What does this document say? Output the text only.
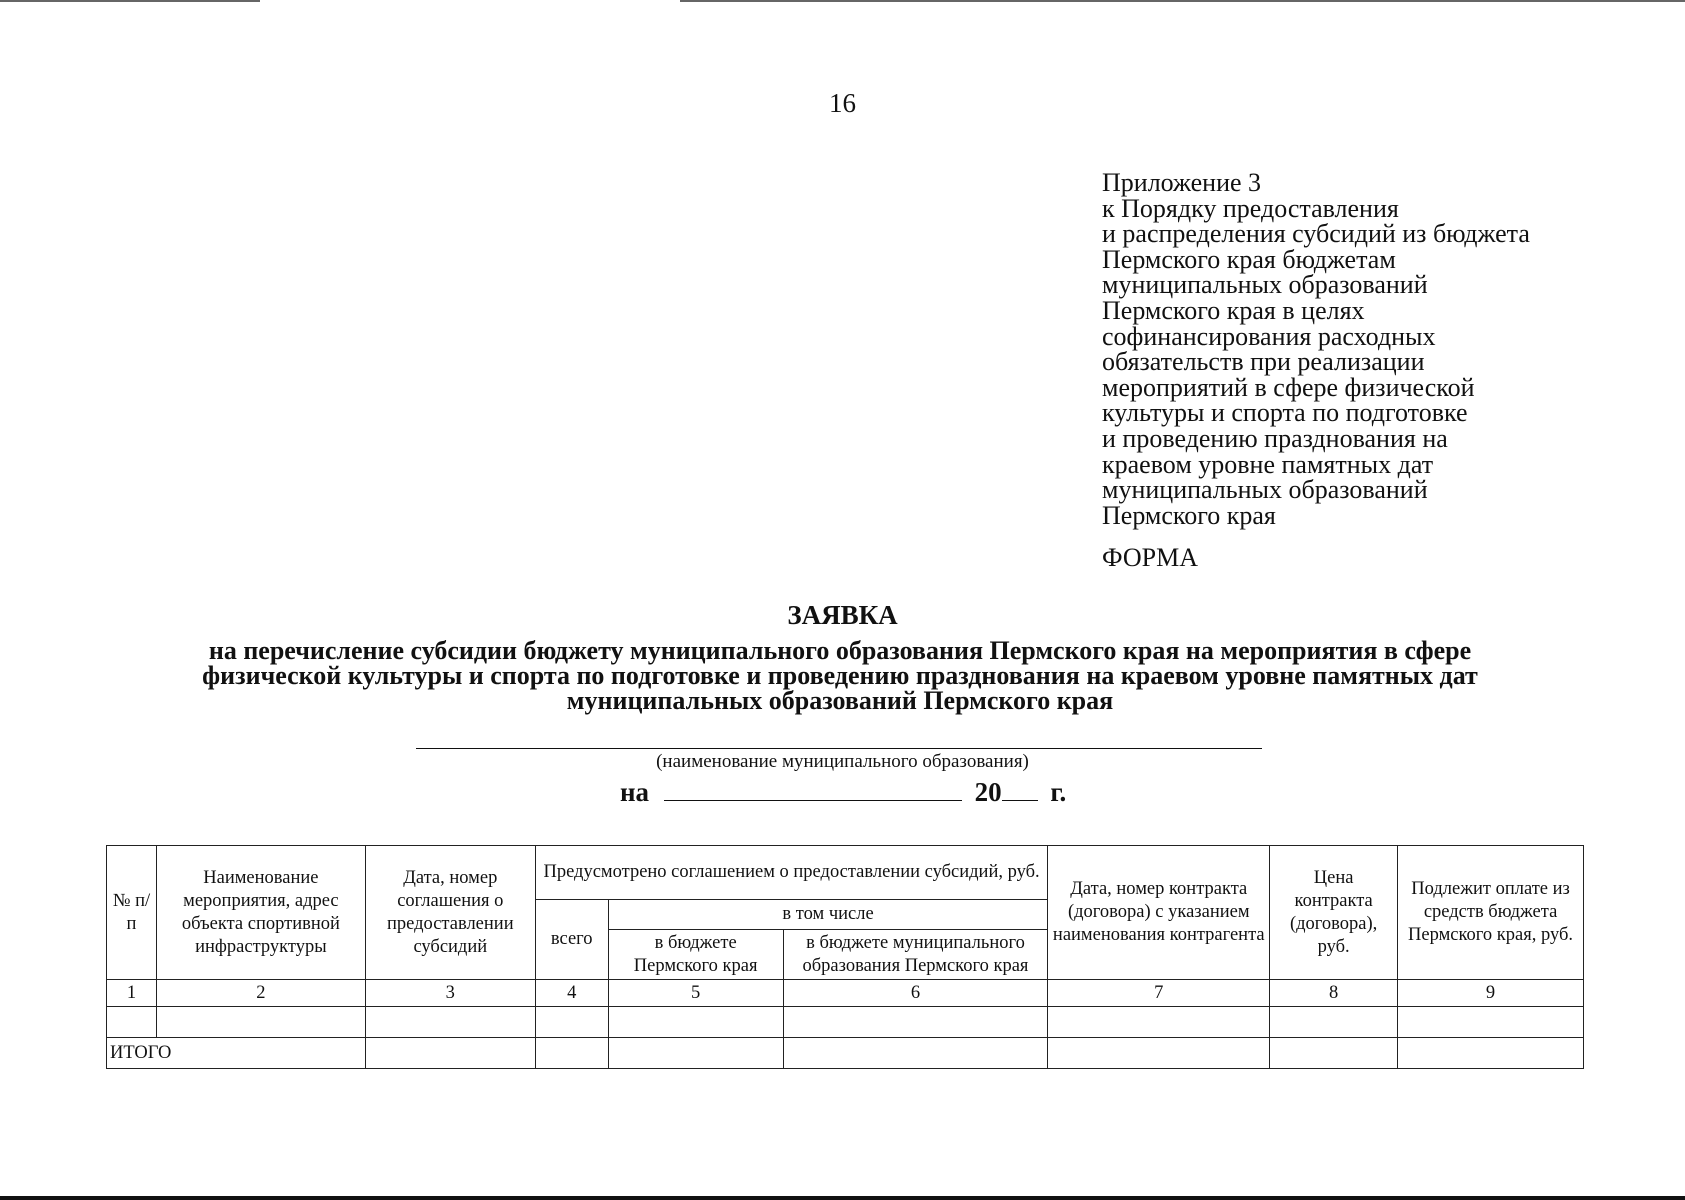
16
Приложение 3
к Порядку предоставления
и распределения субсидий из бюджета
Пермского края бюджетам
муниципальных образований
Пермского края в целях
софинансирования расходных
обязательств при реализации
мероприятий в сфере физической
культуры и спорта по подготовке
и проведению празднования на
краевом уровне памятных дат
муниципальных образований
Пермского края
ФОРМА
ЗАЯВКА
на перечисление субсидии бюджету муниципального образования Пермского края на мероприятия в сфере
физической культуры и спорта по подготовке и проведению празднования на краевом уровне памятных дат
муниципальных образований Пермского края
(наименование муниципального образования)
на	20 г.
№ п/п	Наименование мероприятия, адрес объекта спортивной инфраструктуры	Дата, номер соглашения о предоставлении субсидий	Предусмотрено соглашением о предоставлении субсидий, руб.			Дата, номер контракта (договора) с указанием наименования контрагента	Цена контракта (договора), руб.	Подлежит оплате из средств бюджета Пермского края, руб.
			всего	в том числе				
				в бюджете Пермского края	в бюджете муниципального образования Пермского края			
1	2	3	4	5	6	7	8	9

ИТОГО								
